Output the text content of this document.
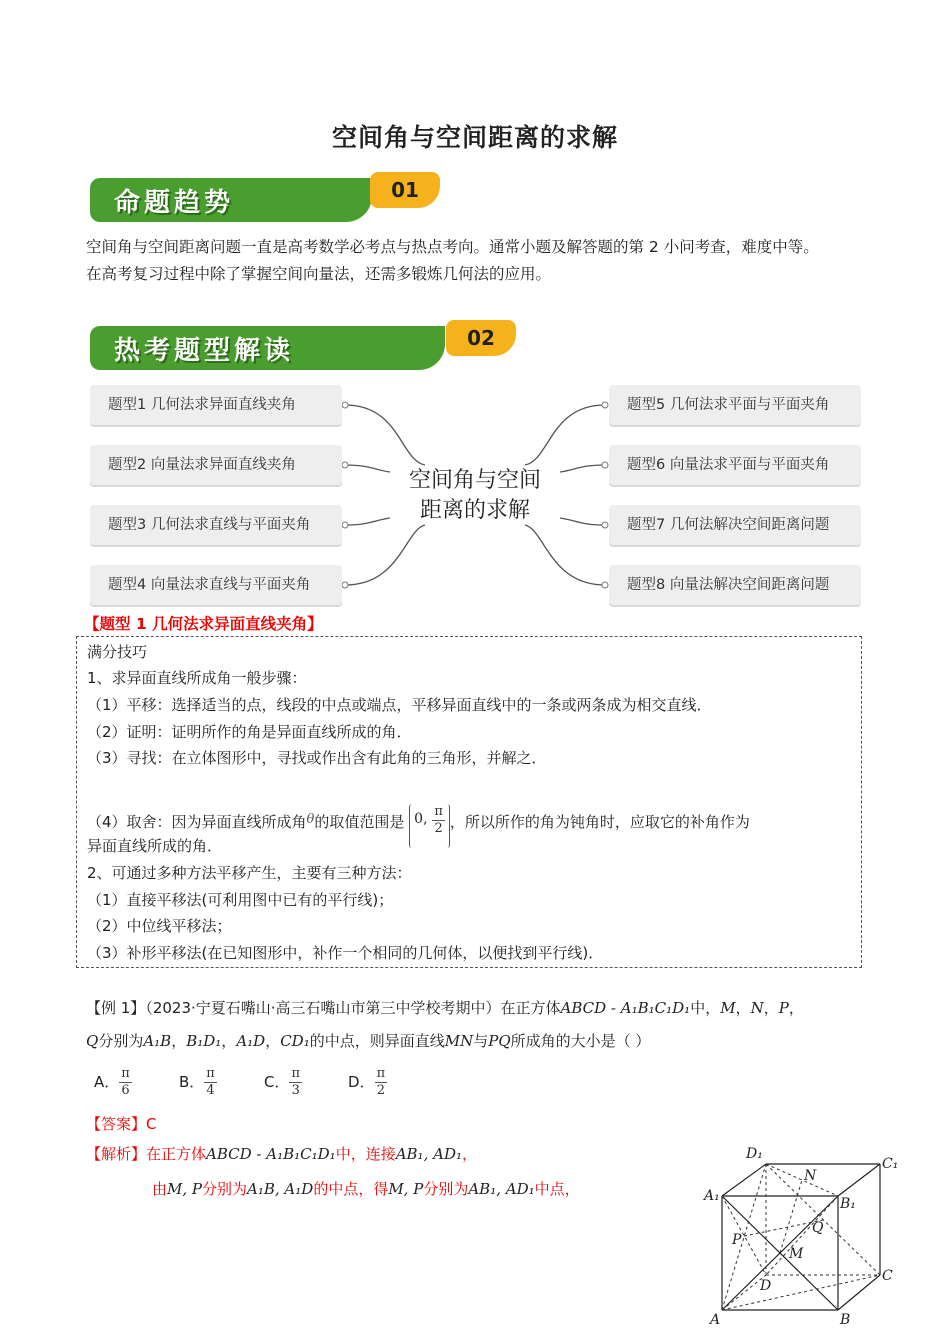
空间角与空间距离的求解
命题趋势	01
空间角与空间距离问题一直是高考数学必考点与热点考向。通常小题及解答题的第 2 小问考查，难度中等。
在高考复习过程中除了掌握空间向量法，还需多锻炼几何法的应用。
热考题型解读	02
题型1 几何法求异面直线夹角
题型2 向量法求异面直线夹角
题型3 几何法求直线与平面夹角
题型4 向量法求直线与平面夹角
题型5 几何法求平面与平面夹角
题型6 向量法求平面与平面夹角
题型7 几何法解决空间距离问题
题型8 向量法解决空间距离问题
空间角与空间
距离的求解
【题型 1 几何法求异面直线夹角】
满分技巧
1、求异面直线所成角一般步骤：
（1）平移：选择适当的点，线段的中点或端点，平移异面直线中的一条或两条成为相交直线．
（2）证明：证明所作的角是异面直线所成的角．
（3）寻找：在立体图形中，寻找或作出含有此角的三角形，并解之．
（4）取舍：因为异面直线所成角θ的取值范围是 0, $\frac{\pi}{2}$ ，所以所作的角为钝角时，应取它的补角作为
异面直线所成的角．
2、可通过多种方法平移产生，主要有三种方法：
（1）直接平移法(可利用图中已有的平行线)；
（2）中位线平移法；
（3）补形平移法(在已知图形中，补作一个相同的几何体，以便找到平行线)．
【例 1】（2023·宁夏石嘴山·高三石嘴山市第三中学校考期中）在正方体ABCD - A₁B₁C₁D₁中，M，N，P，
Q分别为A₁B，B₁D₁，A₁D，CD₁的中点，则异面直线MN与PQ所成角的大小是（ ）
A． $\frac{\pi}{6}$	B． $\frac{\pi}{4}$	C． $\frac{\pi}{3}$	D． $\frac{\pi}{2}$
【答案】C
【解析】在正方体ABCD - A₁B₁C₁D₁中，连接AB₁, AD₁，
由M, P分别为A₁B, A₁D的中点，得M, P分别为AB₁, AD₁中点，
D₁
C₁
A₁	B₁
N
Q
P
M
D
C
A	B
